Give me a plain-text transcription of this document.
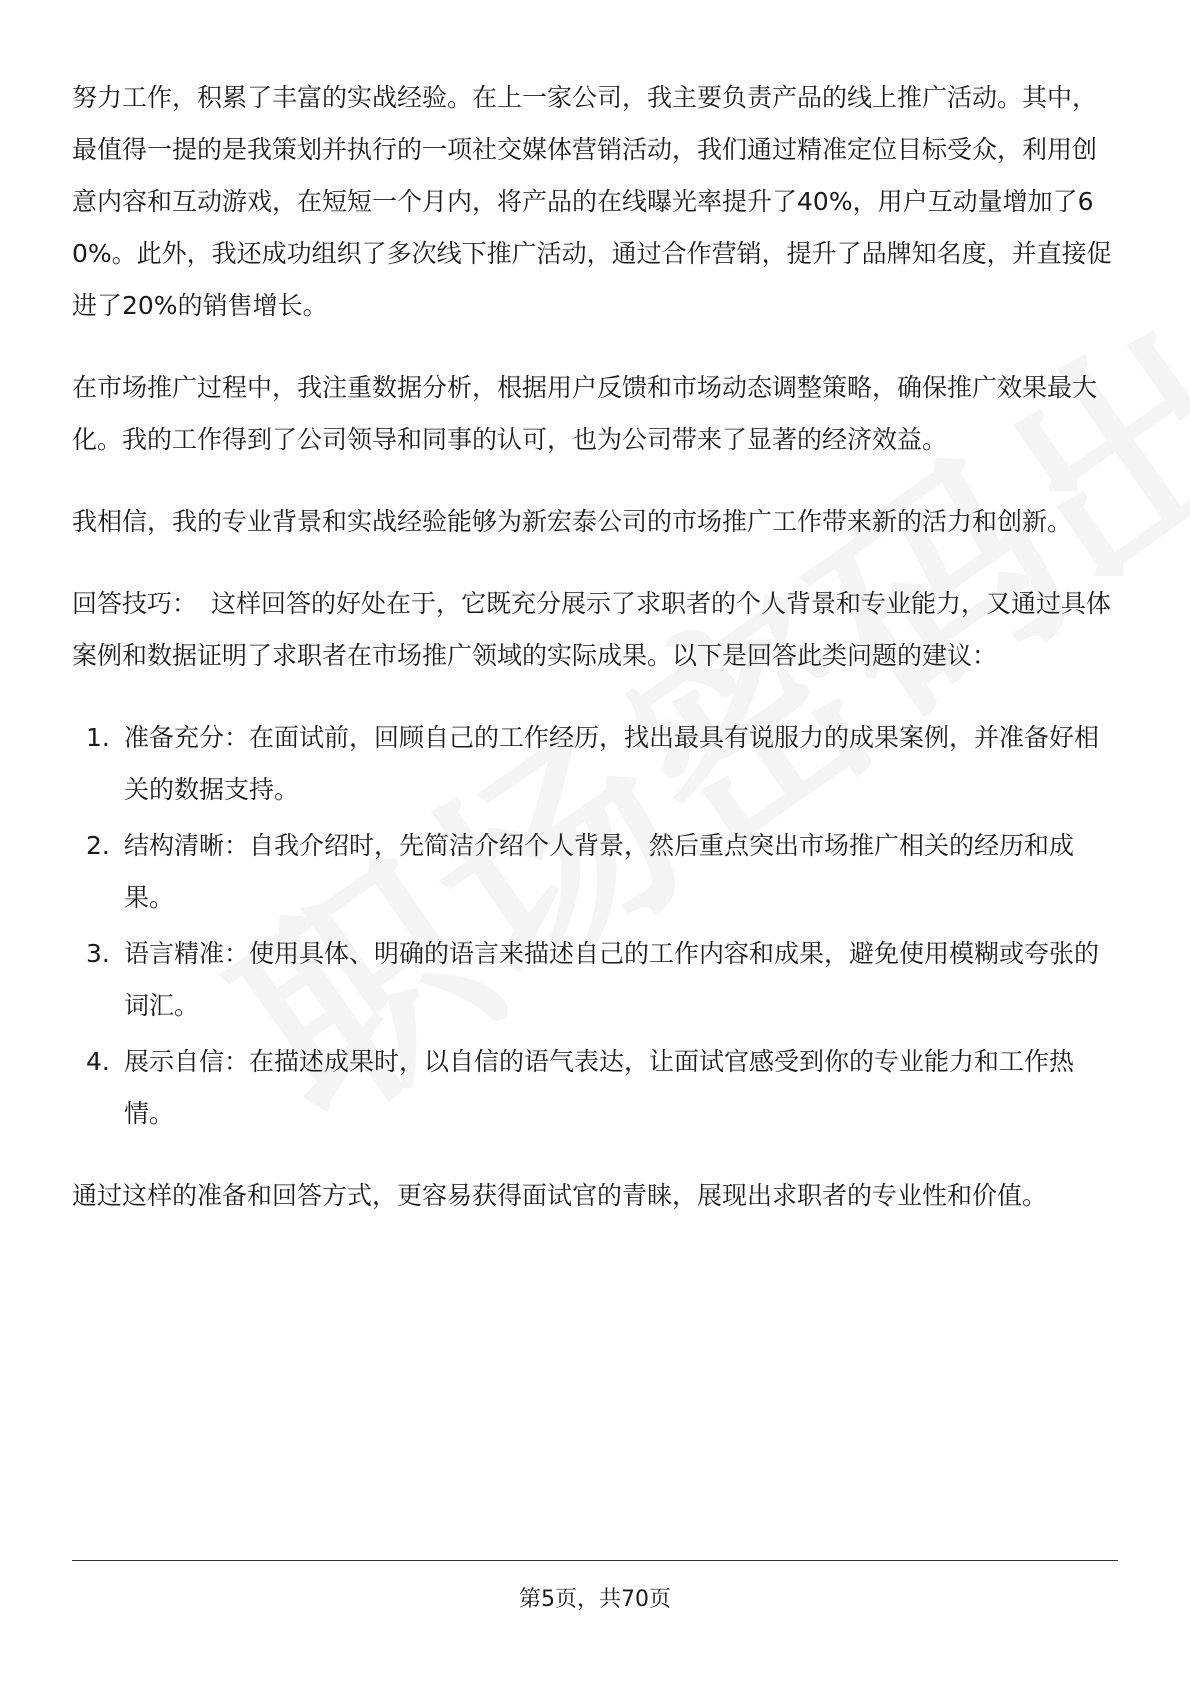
努力工作，积累了丰富的实战经验。在上一家公司，我主要负责产品的线上推广活动。其中，最值得一提的是我策划并执行的一项社交媒体营销活动，我们通过精准定位目标受众，利用创意内容和互动游戏，在短短一个月内，将产品的在线曝光率提升了40%，用户互动量增加了60%。此外，我还成功组织了多次线下推广活动，通过合作营销，提升了品牌知名度，并直接促进了20%的销售增长。

在市场推广过程中，我注重数据分析，根据用户反馈和市场动态调整策略，确保推广效果最大化。我的工作得到了公司领导和同事的认可，也为公司带来了显著的经济效益。

我相信，我的专业背景和实战经验能够为新宏泰公司的市场推广工作带来新的活力和创新。

回答技巧： 这样回答的好处在于，它既充分展示了求职者的个人背景和专业能力，又通过具体案例和数据证明了求职者在市场推广领域的实际成果。以下是回答此类问题的建议：

1. 准备充分：在面试前，回顾自己的工作经历，找出最具有说服力的成果案例，并准备好相关的数据支持。
2. 结构清晰：自我介绍时，先简洁介绍个人背景，然后重点突出市场推广相关的经历和成果。
3. 语言精准：使用具体、明确的语言来描述自己的工作内容和成果，避免使用模糊或夸张的词汇。
4. 展示自信：在描述成果时，以自信的语气表达，让面试官感受到你的专业能力和工作热情。

通过这样的准备和回答方式，更容易获得面试官的青睐，展现出求职者的专业性和价值。

第5页，共70页
